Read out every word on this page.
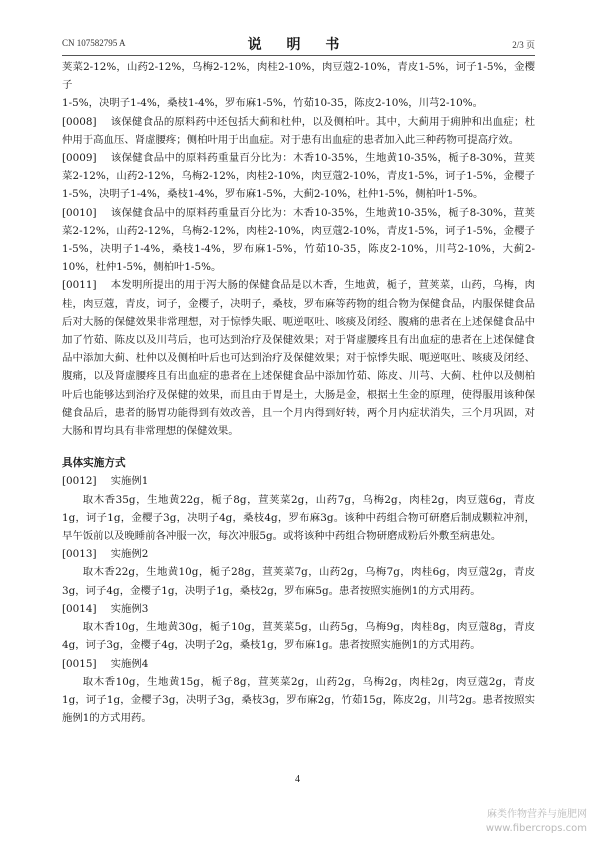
CN 107582795 A	说 明 书	2/3 页

荚菜2-12%，山药2-12%，乌梅2-12%，肉桂2-10%，肉豆蔻2-10%，青皮1-5%，诃子1-5%，金樱子

1-5%，决明子1-4%，桑枝1-4%，罗布麻1-5%，竹茹10-35，陈皮2-10%，川芎2-10%。

[0008] 该保健食品的原料药中还包括大蓟和杜仲，以及侧柏叶。其中，大蓟用于痈肿和出血症；杜仲用于高血压、肾虚腰疼；侧柏叶用于出血症。对于患有出血症的患者加入此三种药物可提高疗效。

[0009] 该保健食品中的原料药重量百分比为：木香10-35%，生地黄10-35%，栀子8-30%，荁荚菜2-12%，山药2-12%，乌梅2-12%，肉桂2-10%，肉豆蔻2-10%，青皮1-5%，诃子1-5%，金樱子1-5%，决明子1-4%，桑枝1-4%，罗布麻1-5%，大蓟2-10%，杜仲1-5%，侧柏叶1-5%。

[0010] 该保健食品中的原料药重量百分比为：木香10-35%，生地黄10-35%，栀子8-30%，荁荚菜2-12%，山药2-12%，乌梅2-12%，肉桂2-10%，肉豆蔻2-10%，青皮1-5%，诃子1-5%，金樱子1-5%，决明子1-4%，桑枝1-4%，罗布麻1-5%，竹茹10-35，陈皮2-10%，川芎2-10%，大蓟2-10%，杜仲1-5%，侧柏叶1-5%。

[0011] 本发明所提出的用于泻大肠的保健食品是以木香，生地黄，栀子，荁荚菜，山药，乌梅，肉桂，肉豆蔻，青皮，诃子，金樱子，决明子，桑枝，罗布麻等药物的组合物为保健食品，内服保健食品后对大肠的保健效果非常理想，对于惊悸失眠、呃逆呕吐、咳痰及闭经、腹痛的患者在上述保健食品中加了竹茹、陈皮以及川芎后，也可达到治疗及保健效果；对于肾虚腰疼且有出血症的患者在上述保健食品中添加大蓟、杜仲以及侧柏叶后也可达到治疗及保健效果；对于惊悸失眠、呃逆呕吐、咳痰及闭经、腹痛，以及肾虚腰疼且有出血症的患者在上述保健食品中添加竹茹、陈皮、川芎、大蓟、杜仲以及侧柏叶后也能够达到治疗及保健的效果，而且由于胃是土，大肠是金，根据土生金的原理，使得服用该种保健食品后，患者的肠胃功能得到有效改善，且一个月内得到好转，两个月内症状消失，三个月巩固，对大肠和胃均具有非常理想的保健效果。

具体实施方式

[0012] 实施例1

取木香35g，生地黄22g，栀子8g，荁荚菜2g，山药7g，乌梅2g，肉桂2g，肉豆蔻6g，青皮1g，诃子1g，金樱子3g，决明子4g，桑枝4g，罗布麻3g。该种中药组合物可研磨后制成颗粒冲剂，早午饭前以及晚睡前各冲服一次，每次冲服5g。或将该种中药组合物研磨成粉后外敷至病患处。

[0013] 实施例2

取木香22g，生地黄10g，栀子28g，荁荚菜7g，山药2g，乌梅7g，肉桂6g，肉豆蔻2g，青皮3g，诃子4g，金樱子1g，决明子1g，桑枝2g，罗布麻5g。患者按照实施例1的方式用药。

[0014] 实施例3

取木香10g，生地黄30g，栀子10g，荁荚菜5g，山药5g，乌梅9g，肉桂8g，肉豆蔻8g，青皮4g，诃子3g，金樱子4g，决明子2g，桑枝1g，罗布麻1g。患者按照实施例1的方式用药。

[0015] 实施例4

取木香10g，生地黄15g，栀子8g，荁荚菜2g，山药2g，乌梅2g，肉桂2g，肉豆蔻2g，青皮1g，诃子1g，金樱子3g，决明子3g，桑枝3g，罗布麻2g，竹茹15g，陈皮2g，川芎2g。患者按照实施例1的方式用药。

4
麻类作物营养与施肥网
www.fibercrops.com
